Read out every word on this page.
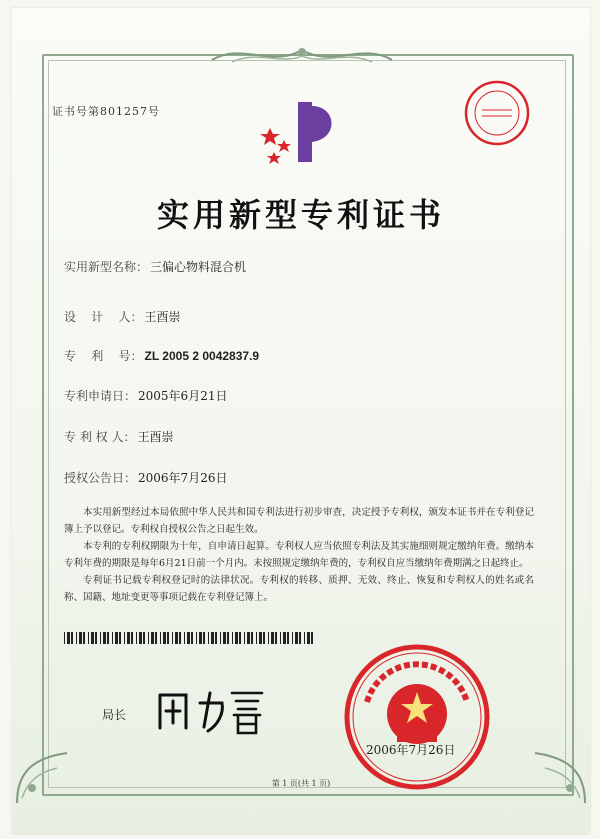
证书号第801257号
实用新型专利证书
实用新型名称： 三偏心物料混合机
设    计    人： 王酉崇
专    利    号： ZL 2005 2 0042837.9
专利申请日： 2005年6月21日
专 利 权 人： 王酉崇
授权公告日： 2006年7月26日

本实用新型经过本局依照中华人民共和国专利法进行初步审查，决定授予专利权，颁发本证书并在专利登记簿上予以登记。专利权自授权公告之日起生效。

本专利的专利权期限为十年，自申请日起算。专利权人应当依照专利法及其实施细则规定缴纳年费。缴纳本专利年费的期限是每年6月21日前一个月内。未按照规定缴纳年费的，专利权自应当缴纳年费期满之日起终止。

专利证书记载专利权登记时的法律状况。专利权的转移、质押、无效、终止、恢复和专利权人的姓名或名称、国籍、地址变更等事项记载在专利登记簿上。

局长
2006年7月26日
第 1 页(共 1 页)
